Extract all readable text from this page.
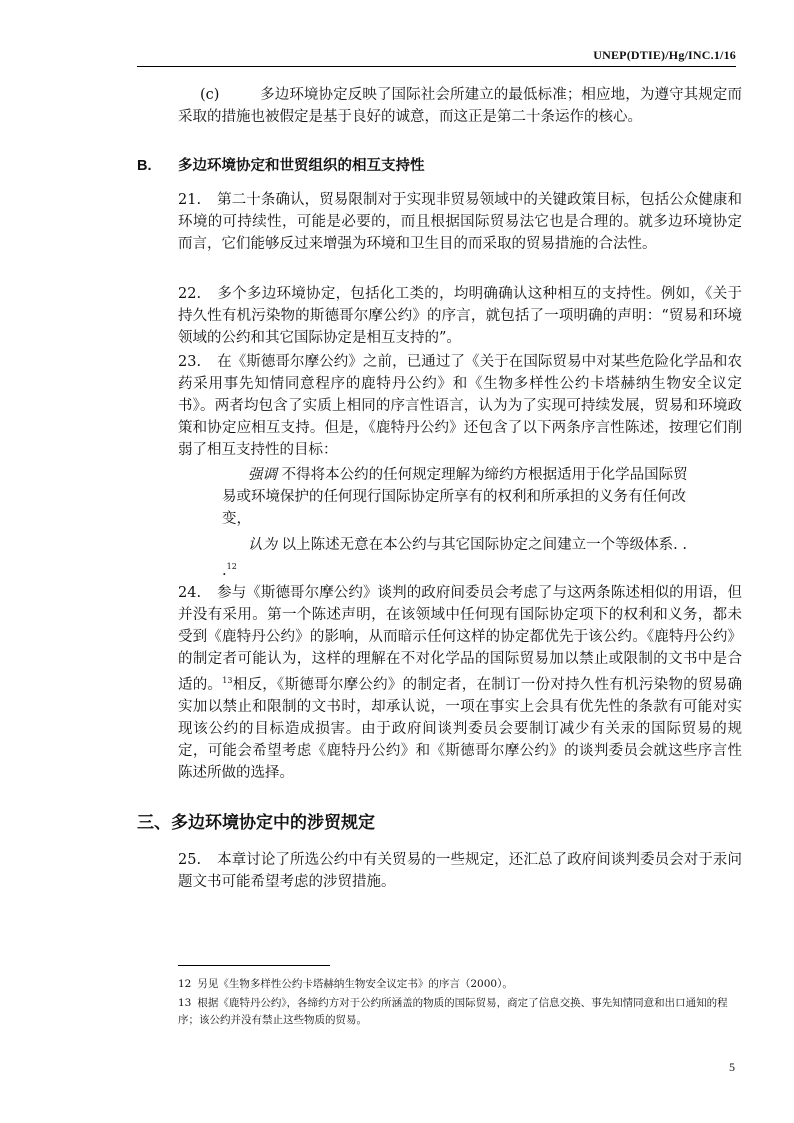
UNEP(DTIE)/Hg/INC.1/16

(c)	多边环境协定反映了国际社会所建立的最低标准；相应地，为遵守其规定而采取的措施也被假定是基于良好的诚意，而这正是第二十条运作的核心。

B. 多边环境协定和世贸组织的相互支持性

21. 第二十条确认，贸易限制对于实现非贸易领域中的关键政策目标，包括公众健康和环境的可持续性，可能是必要的，而且根据国际贸易法它也是合理的。就多边环境协定而言，它们能够反过来增强为环境和卫生目的而采取的贸易措施的合法性。

22. 多个多边环境协定，包括化工类的，均明确确认这种相互的支持性。例如，《关于持久性有机污染物的斯德哥尔摩公约》的序言，就包括了一项明确的声明：“贸易和环境领域的公约和其它国际协定是相互支持的”。

23. 在《斯德哥尔摩公约》之前，已通过了《关于在国际贸易中对某些危险化学品和农药采用事先知情同意程序的鹿特丹公约》和《生物多样性公约卡塔赫纳生物安全议定书》。两者均包含了实质上相同的序言性语言，认为为了实现可持续发展，贸易和环境政策和协定应相互支持。但是，《鹿特丹公约》还包含了以下两条序言性陈述，按理它们削弱了相互支持性的目标：

强调 不得将本公约的任何规定理解为缔约方根据适用于化学品国际贸易或环境保护的任何现行国际协定所享有的权利和所承担的义务有任何改变，

认为 以上陈述无意在本公约与其它国际协定之间建立一个等级体系. . .$^{12}$

24. 参与《斯德哥尔摩公约》谈判的政府间委员会考虑了与这两条陈述相似的用语，但并没有采用。第一个陈述声明，在该领域中任何现有国际协定项下的权利和义务，都未受到《鹿特丹公约》的影响，从而暗示任何这样的协定都优先于该公约。《鹿特丹公约》的制定者可能认为，这样的理解在不对化学品的国际贸易加以禁止或限制的文书中是合适的。$^{13}$相反，《斯德哥尔摩公约》的制定者，在制订一份对持久性有机污染物的贸易确实加以禁止和限制的文书时，却承认说，一项在事实上会具有优先性的条款有可能对实现该公约的目标造成损害。由于政府间谈判委员会要制订减少有关汞的国际贸易的规定，可能会希望考虑《鹿特丹公约》和《斯德哥尔摩公约》的谈判委员会就这些序言性陈述所做的选择。

三、多边环境协定中的涉贸规定

25. 本章讨论了所选公约中有关贸易的一些规定，还汇总了政府间谈判委员会对于汞问题文书可能希望考虑的涉贸措施。

12 另见《生物多样性公约卡塔赫纳生物安全议定书》的序言（2000）。

13 根据《鹿特丹公约》，各缔约方对于公约所涵盖的物质的国际贸易，商定了信息交换、事先知情同意和出口通知的程序；该公约并没有禁止这些物质的贸易。

5
